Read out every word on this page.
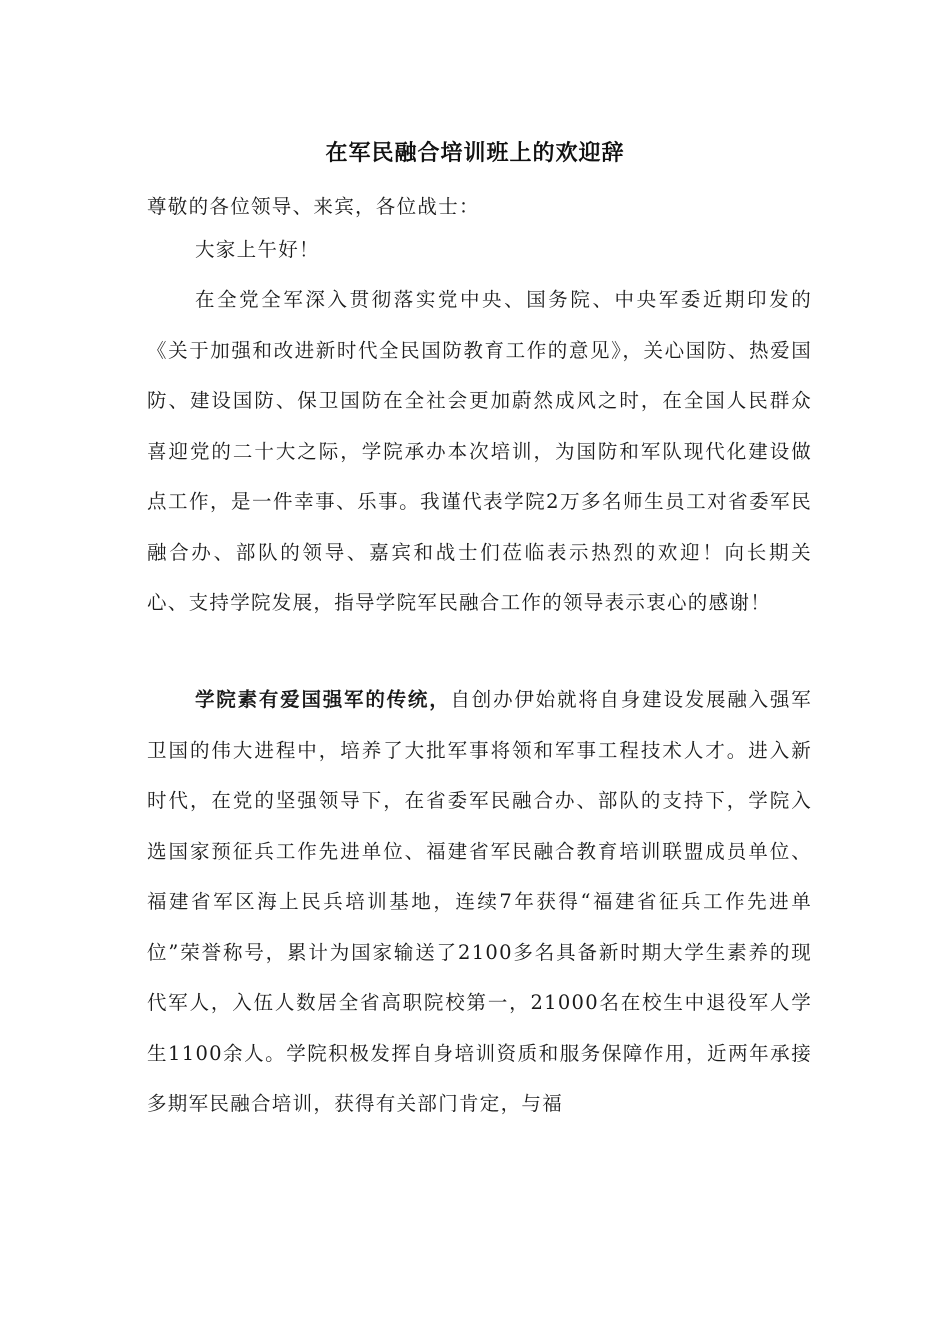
在军民融合培训班上的欢迎辞
尊敬的各位领导、来宾，各位战士：
大家上午好！
在全党全军深入贯彻落实党中央、国务院、中央军委近期印发的《关于加强和改进新时代全民国防教育工作的意见》，关心国防、热爱国防、建设国防、保卫国防在全社会更加蔚然成风之时，在全国人民群众喜迎党的二十大之际，学院承办本次培训，为国防和军队现代化建设做点工作，是一件幸事、乐事。我谨代表学院2万多名师生员工对省委军民融合办、部队的领导、嘉宾和战士们莅临表示热烈的欢迎！向长期关心、支持学院发展，指导学院军民融合工作的领导表示衷心的感谢！
学院素有爱国强军的传统，自创办伊始就将自身建设发展融入强军卫国的伟大进程中，培养了大批军事将领和军事工程技术人才。进入新时代，在党的坚强领导下，在省委军民融合办、部队的支持下，学院入选国家预征兵工作先进单位、福建省军民融合教育培训联盟成员单位、福建省军区海上民兵培训基地，连续7年获得“福建省征兵工作先进单位”荣誉称号，累计为国家输送了2100多名具备新时期大学生素养的现代军人，入伍人数居全省高职院校第一，21000名在校生中退役军人学生1100余人。学院积极发挥自身培训资质和服务保障作用，近两年承接多期军民融合培训，获得有关部门肯定，与福
